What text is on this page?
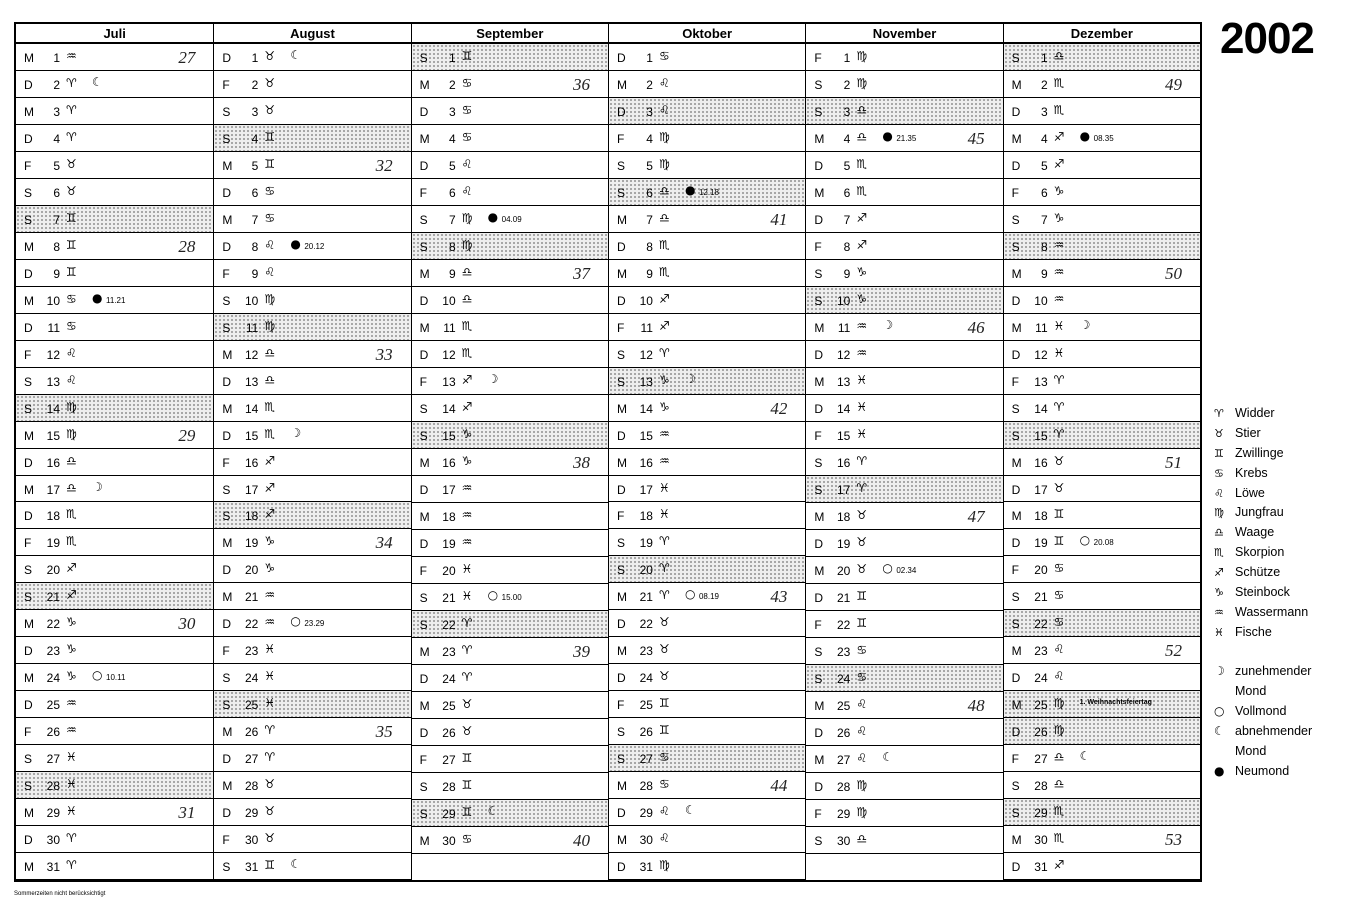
Juli
M	1 ♒	27
D	2 ♈ ☾
M	3 ♈
D	4 ♈
F	5 ♉
S	6 ♉
S	7 ♊
M	8 ♊	28
D	9 ♊
M	10 ♋ ● 11.21
D	11 ♋
F	12 ♌
S	13 ♌
S	14 ♍
M	15 ♍	29
D	16 ♎
M	17 ♎ ☽
D	18 ♏
F	19 ♏
S	20 ♐
S	21 ♐
M	22 ♑	30
D	23 ♑
M	24 ♑ ○ 10.11
D	25 ♒
F	26 ♒
S	27 ♓
S	28 ♓
M	29 ♓	31
D	30 ♈
M	31 ♈
August
D	1 ♉ ☾
F	2 ♉
S	3 ♉
S	4 ♊
M	5 ♊	32
D	6 ♋
M	7 ♋
D	8 ♌ ● 20.12
F	9 ♌
S	10 ♍
S	11 ♍
M	12 ♎	33
D	13 ♎
M	14 ♏
D	15 ♏ ☽
F	16 ♐
S	17 ♐
S	18 ♐
M	19 ♑	34
D	20 ♑
M	21 ♒
D	22 ♒ ○ 23.29
F	23 ♓
S	24 ♓
S	25 ♓
M	26 ♈	35
D	27 ♈
M	28 ♉
D	29 ♉
F	30 ♉
S	31 ♊ ☾
September
S	1 ♊
M	2 ♋	36
D	3 ♋
M	4 ♋
D	5 ♌
F	6 ♌
S	7 ♍ ● 04.09
S	8 ♍
M	9 ♎	37
D	10 ♎
M	11 ♏
D	12 ♏
F	13 ♐ ☽
S	14 ♐
S	15 ♑
M	16 ♑	38
D	17 ♒
M	18 ♒
D	19 ♒
F	20 ♓
S	21 ♓ ○ 15.00
S	22 ♈
M	23 ♈	39
D	24 ♈
M	25 ♉
D	26 ♉
F	27 ♊
S	28 ♊
S	29 ♊ ☾
M	30 ♋	40
Oktober
D	1 ♋
M	2 ♌
D	3 ♌
F	4 ♍
S	5 ♍
S	6 ♎ ● 12.18
M	7 ♎	41
D	8 ♏
M	9 ♏
D	10 ♐
F	11 ♐
S	12 ♈
S	13 ♑ ☽
M	14 ♑	42
D	15 ♒
M	16 ♒
D	17 ♓
F	18 ♓
S	19 ♈
S	20 ♈
M	21 ♈ ○ 08.19	43
D	22 ♉
M	23 ♉
D	24 ♉
F	25 ♊
S	26 ♊
S	27 ♋
M	28 ♋	44
D	29 ♌ ☾
M	30 ♌
D	31 ♍
November
F	1 ♍
S	2 ♍
S	3 ♎
M	4 ♎ ● 21.35	45
D	5 ♏
M	6 ♏
D	7 ♐
F	8 ♐
S	9 ♑
S	10 ♑
M	11 ♒ ☽	46
D	12 ♒
M	13 ♓
D	14 ♓
F	15 ♓
S	16 ♈
S	17 ♈
M	18 ♉	47
D	19 ♉
M	20 ♉ ○ 02.34
D	21 ♊
F	22 ♊
S	23 ♋
S	24 ♋
M	25 ♌	48
D	26 ♌
M	27 ♌ ☾
D	28 ♍
F	29 ♍
S	30 ♎
Dezember
S	1 ♎
M	2 ♏	49
D	3 ♏
M	4 ♐ ● 08.35
D	5 ♐
F	6 ♑
S	7 ♑
S	8 ♒
M	9 ♒	50
D	10 ♒
M	11 ♓ ☽
D	12 ♓
F	13 ♈
S	14 ♈
S	15 ♈
M	16 ♉	51
D	17 ♉
M	18 ♊
D	19 ♊ ○ 20.08
F	20 ♋
S	21 ♋
S	22 ♋
M	23 ♌	52
D	24 ♌
M	25 ♍ 1. Weihnachtsfeiertag
D	26 ♍
F	27 ♎ ☾
S	28 ♎
S	29 ♏
M	30 ♏	53
D	31 ♐
2002
♈ Widder
♉ Stier
♊ Zwillinge
♋ Krebs
♌ Löwe
♍ Jungfrau
♎ Waage
♏ Skorpion
♐ Schütze
♑ Steinbock
♒ Wassermann
♓ Fische
☽ zunehmender Mond
○ Vollmond
☾ abnehmender Mond
● Neumond
Sommerzeiten nicht berücksichtigt
